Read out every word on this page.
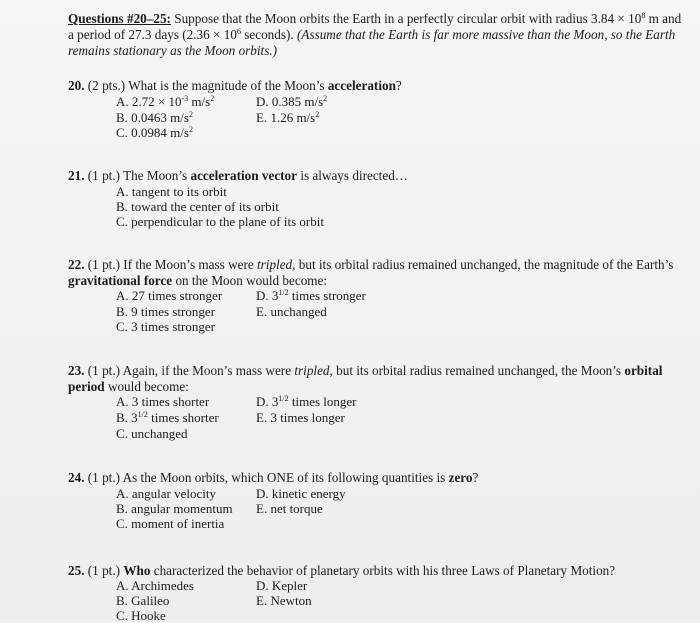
Questions #20–25: Suppose that the Moon orbits the Earth in a perfectly circular orbit with radius $3.84 \times 10^8$ m and a period of 27.3 days ($2.36 \times 10^6$ seconds). (Assume that the Earth is far more massive than the Moon, so the Earth remains stationary as the Moon orbits.)
20. (2 pts.) What is the magnitude of the Moon’s acceleration?
A. $2.72 \times 10^{-3}$ $m/s^2$
B. 0.0463 $m/s^2$
C. 0.0984 $m/s^2$
D. 0.385 $m/s^2$
E. 1.26 $m/s^2$
21. (1 pt.) The Moon’s acceleration vector is always directed…
A. tangent to its orbit
B. toward the center of its orbit
C. perpendicular to the plane of its orbit
22. (1 pt.) If the Moon’s mass were tripled, but its orbital radius remained unchanged, the magnitude of the Earth’s gravitational force on the Moon would become:
A. 27 times stronger
B. 9 times stronger
C. 3 times stronger
D. $3^{1/2}$ times stronger
E. unchanged
23. (1 pt.) Again, if the Moon’s mass were tripled, but its orbital radius remained unchanged, the Moon’s orbital period would become:
A. 3 times shorter
B. $3^{1/2}$ times shorter
C. unchanged
D. $3^{1/2}$ times longer
E. 3 times longer
24. (1 pt.) As the Moon orbits, which ONE of its following quantities is zero?
A. angular velocity
B. angular momentum
C. moment of inertia
D. kinetic energy
E. net torque
25. (1 pt.) Who characterized the behavior of planetary orbits with his three Laws of Planetary Motion?
A. Archimedes
B. Galileo
C. Hooke
D. Kepler
E. Newton
